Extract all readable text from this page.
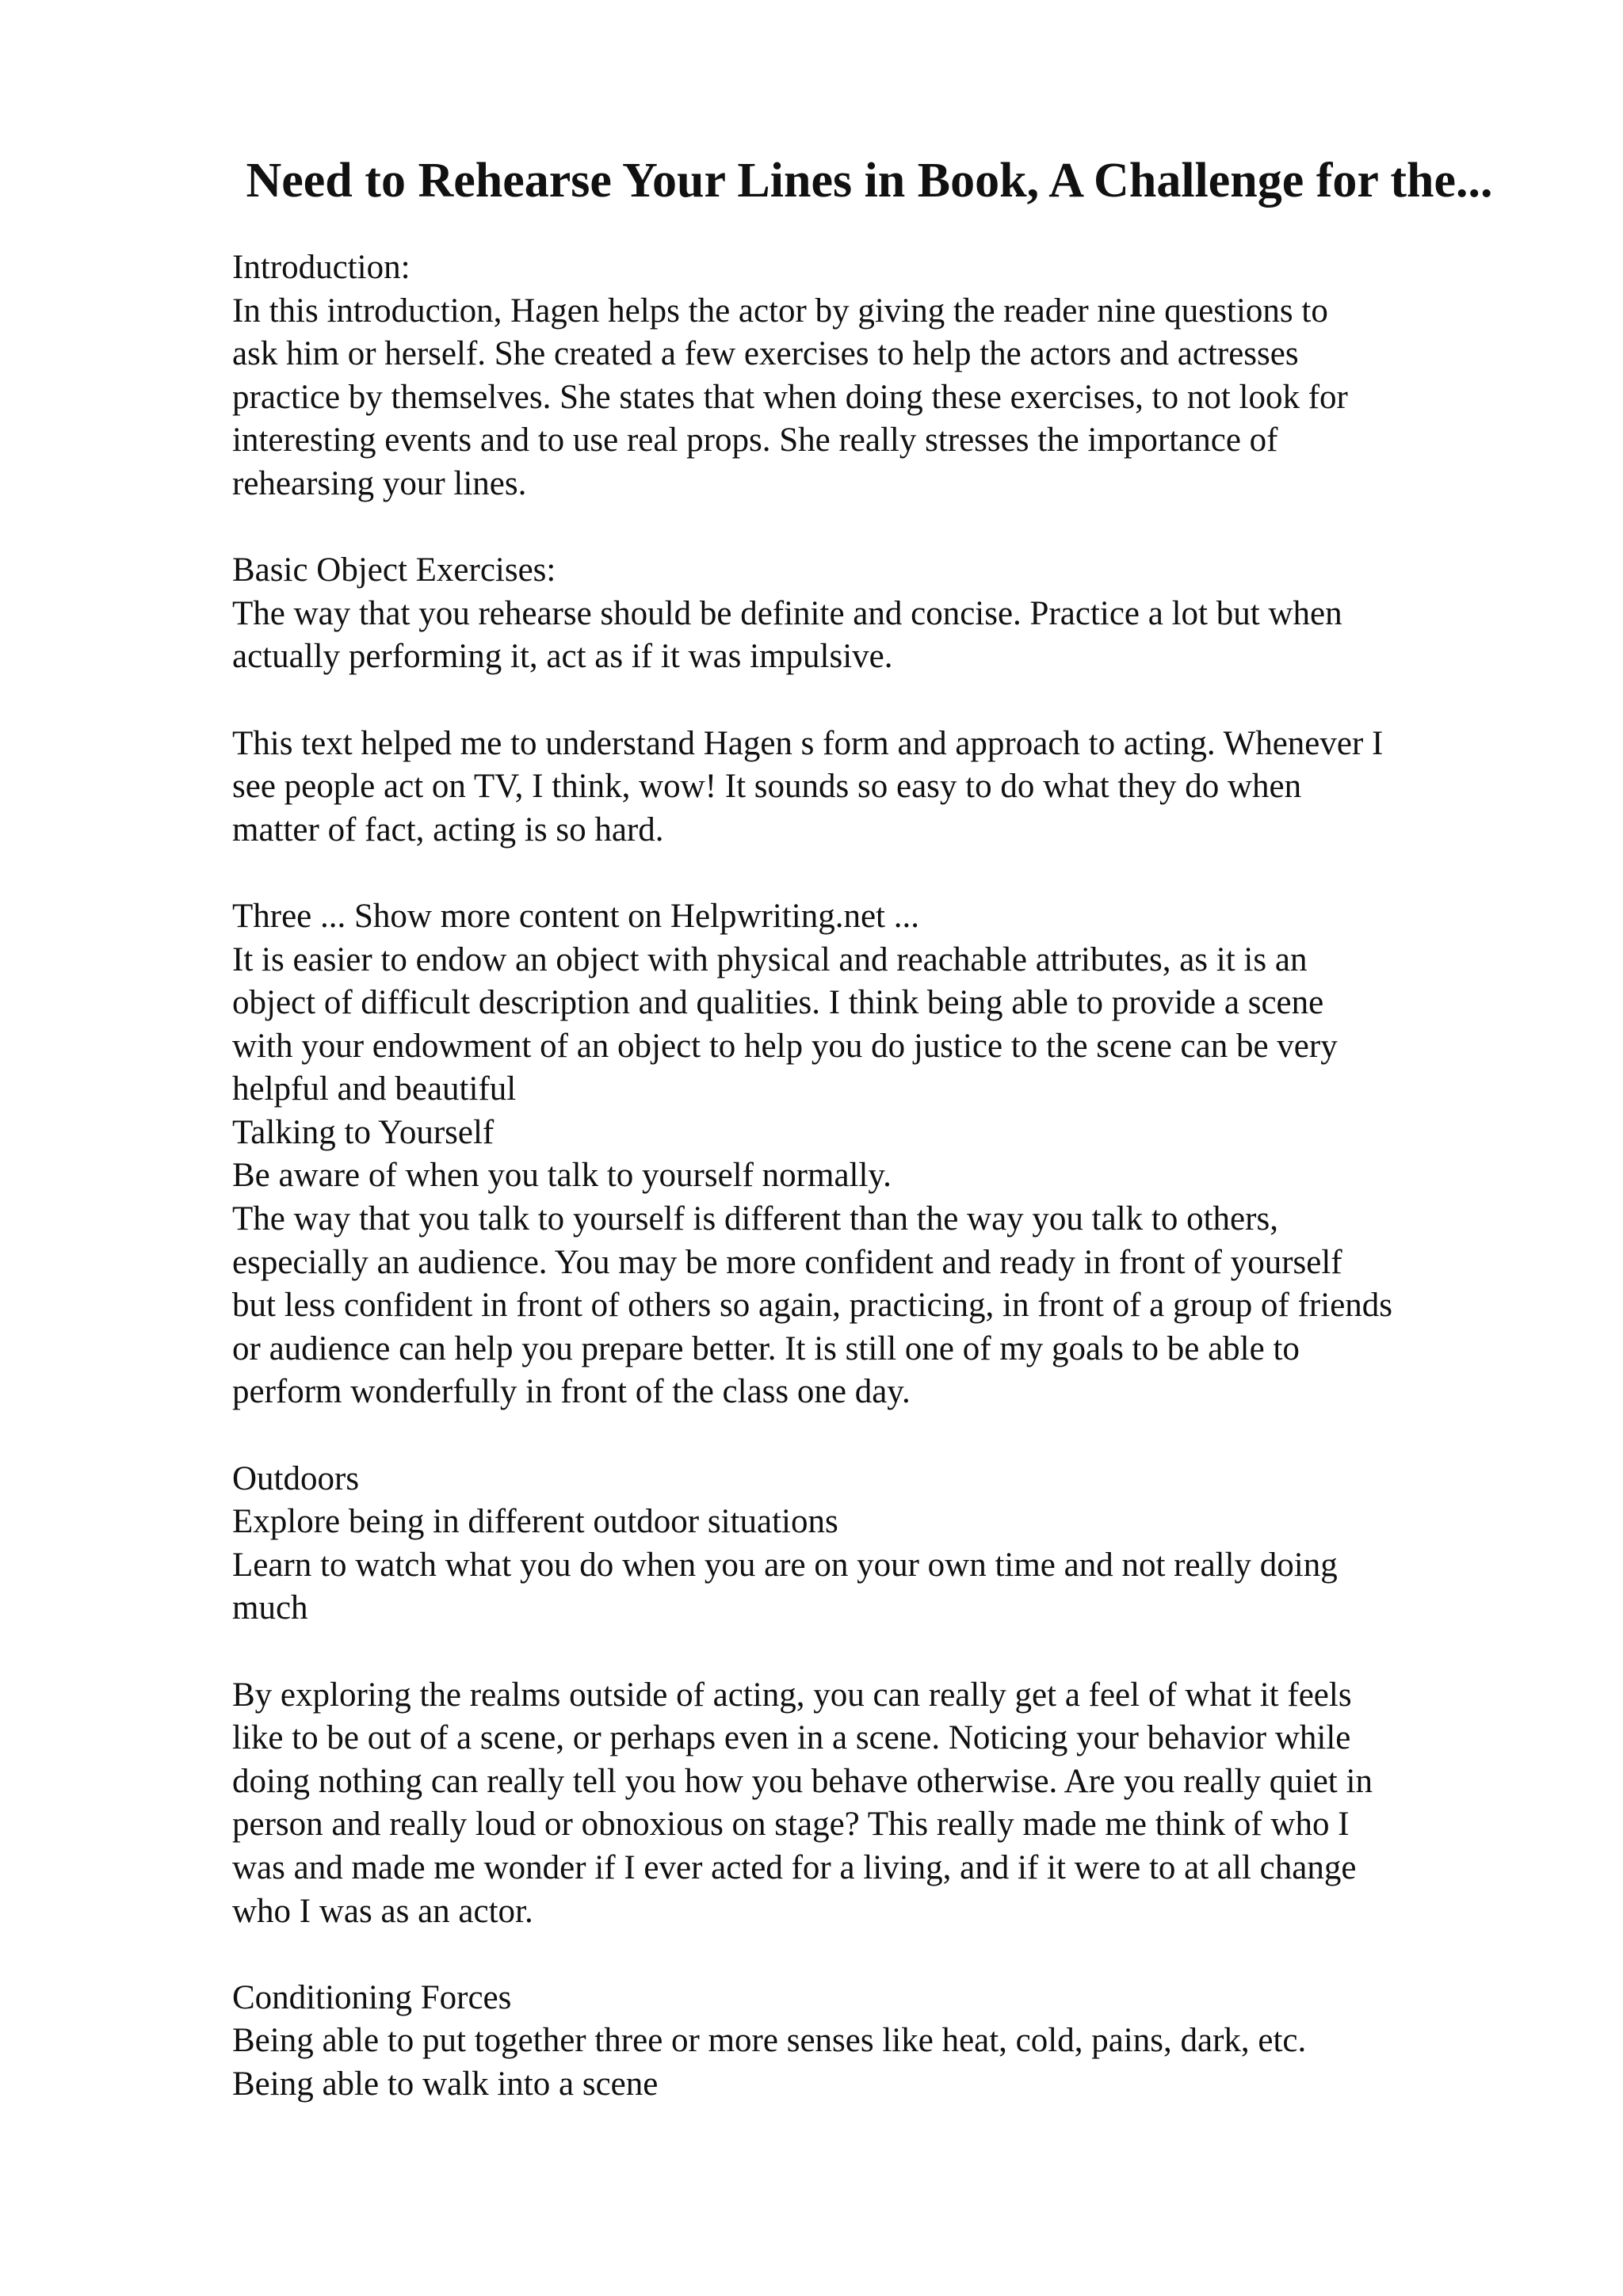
Need to Rehearse Your Lines in Book, A Challenge for the...
Introduction:
In this introduction, Hagen helps the actor by giving the reader nine questions to
ask him or herself. She created a few exercises to help the actors and actresses
practice by themselves. She states that when doing these exercises, to not look for
interesting events and to use real props. She really stresses the importance of
rehearsing your lines.
Basic Object Exercises:
The way that you rehearse should be definite and concise. Practice a lot but when
actually performing it, act as if it was impulsive.
This text helped me to understand Hagen s form and approach to acting. Whenever I
see people act on TV, I think, wow! It sounds so easy to do what they do when
matter of fact, acting is so hard.
Three ... Show more content on Helpwriting.net ...
It is easier to endow an object with physical and reachable attributes, as it is an
object of difficult description and qualities. I think being able to provide a scene
with your endowment of an object to help you do justice to the scene can be very
helpful and beautiful
Talking to Yourself
Be aware of when you talk to yourself normally.
The way that you talk to yourself is different than the way you talk to others,
especially an audience. You may be more confident and ready in front of yourself
but less confident in front of others so again, practicing, in front of a group of friends
or audience can help you prepare better. It is still one of my goals to be able to
perform wonderfully in front of the class one day.
Outdoors
Explore being in different outdoor situations
Learn to watch what you do when you are on your own time and not really doing
much
By exploring the realms outside of acting, you can really get a feel of what it feels
like to be out of a scene, or perhaps even in a scene. Noticing your behavior while
doing nothing can really tell you how you behave otherwise. Are you really quiet in
person and really loud or obnoxious on stage? This really made me think of who I
was and made me wonder if I ever acted for a living, and if it were to at all change
who I was as an actor.
Conditioning Forces
Being able to put together three or more senses like heat, cold, pains, dark, etc.
Being able to walk into a scene
